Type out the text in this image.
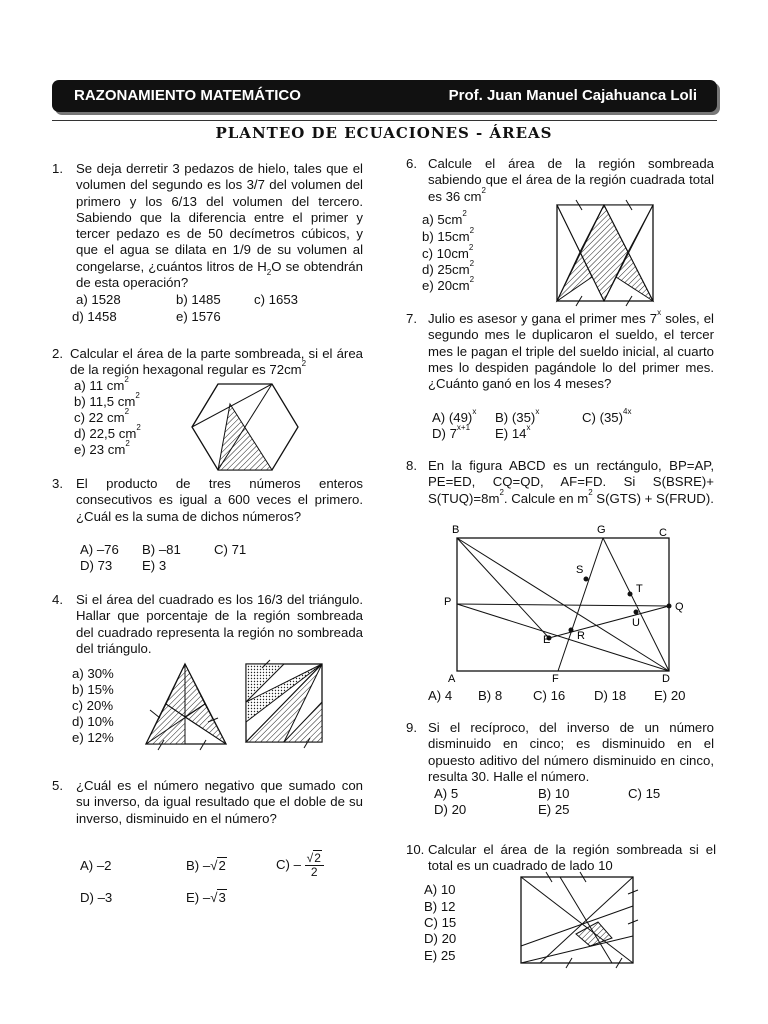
RAZONAMIENTO MATEMÁTICO	Prof. Juan Manuel Cajahuanca Loli
PLANTEO DE ECUACIONES - ÁREAS
1. Se deja derretir 3 pedazos de hielo, tales que el volumen del segundo es los 3/7 del volumen del primero y los 6/13 del volumen del tercero. Sabiendo que la diferencia entre el primer y tercer pedazo es de 50 decímetros cúbicos, y que el agua se dilata en 1/9 de su volumen al congelarse, ¿cuántos litros de $H_2O$ se obtendrán de esta operación?
a) 1528	b) 1485	c) 1653
d) 1458	e) 1576
2. Calcular el área de la parte sombreada, si el área de la región hexagonal regular es $72cm^2$
a) 11 $cm^2$
b) 11,5 $cm^2$
c) 22 $cm^2$
d) 22,5 $cm^2$
e) 23 $cm^2$
3. El producto de tres números enteros consecutivos es igual a 600 veces el primero. ¿Cuál es la suma de dichos números?
A) –76 B) –81	C) 71
D) 73 E) 3
4. Si el área del cuadrado es los 16/3 del triángulo. Hallar que porcentaje de la región sombreada del cuadrado representa la región no sombreada del triángulo.
a) 30%
b) 15%
c) 20%
d) 10%
e) 12%
5. ¿Cuál es el número negativo que sumado con su inverso, da igual resultado que el doble de su inverso, disminuido en el número?
A) –2	B) –√2	$C) - \frac{√2}{2}$
D) –3	E) –√3
6. Calcule el área de la región sombreada sabiendo que el área de la región cuadrada total es 36 $cm^2$
a) $5cm^2$
b) $15cm^2$
c) $10cm^2$
d) $25cm^2$
e) $20cm^2$
7. Julio es asesor y gana el primer mes 7$^x$ soles, el segundo mes le duplicaron el sueldo, el tercer mes le pagan el triple del sueldo inicial, al cuarto mes lo despiden pagándole lo del primer mes. ¿Cuánto ganó en los 4 meses?
A) $(49)^x$ B) $(35)^x$	C) $(35)^{4x}$
D) $7^{x+1}$ E) 14$^x$
8. En la figura ABCD es un rectángulo, BP=AP, PE=ED, CQ=QD, AF=FD. Si S(BSRE)+ $S(TUQ)=8m^2$. Calcule en $m^2$ S(GTS) + S(FRUD).
B	G	C
S
T
P	Q
U
E R
A	F	D
A) 4 B) 8 C) 16 D) 18 E) 20
9. Si el recíproco, del inverso de un número disminuido en cinco; es disminuido en el opuesto aditivo del número disminuido en cinco, resulta 30. Halle el número.
A) 5	B) 10	C) 15
D) 20	E) 25
10. Calcular el área de la región sombreada si el total es un cuadrado de lado 10
A) 10
B) 12
C) 15
D) 20
E) 25
